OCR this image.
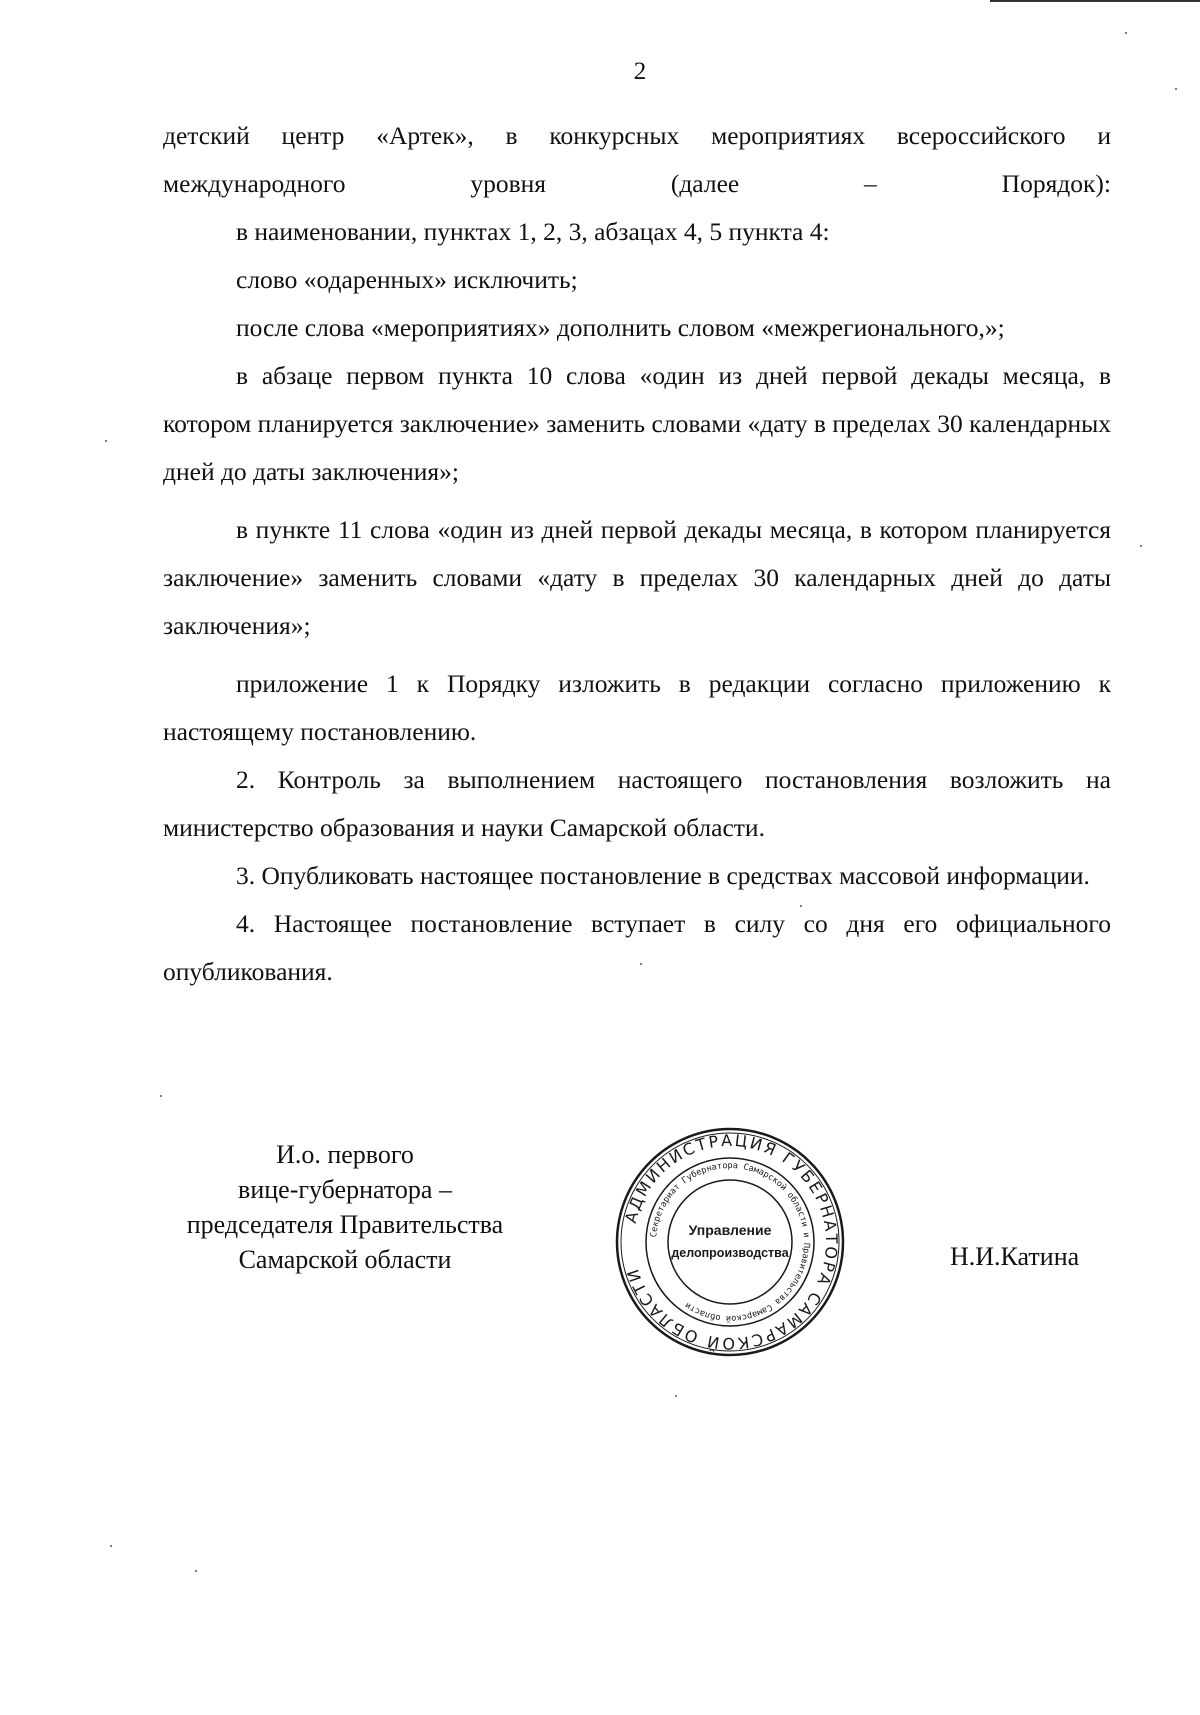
2

детский центр «Артек», в конкурсных мероприятиях всероссийского и международного уровня (далее – Порядок):

в наименовании, пунктах 1, 2, 3, абзацах 4, 5 пункта 4:

слово «одаренных» исключить;

после слова «мероприятиях» дополнить словом «межрегионального,»;

в абзаце первом пункта 10 слова «один из дней первой декады месяца, в котором планируется заключение» заменить словами «дату в пределах 30 календарных дней до даты заключения»;

в пункте 11 слова «один из дней первой декады месяца, в котором планируется заключение» заменить словами «дату в пределах 30 календарных дней до даты заключения»;

приложение 1 к Порядку изложить в редакции согласно приложению к настоящему постановлению.

2. Контроль за выполнением настоящего постановления возложить на министерство образования и науки Самарской области.

3. Опубликовать настоящее постановление в средствах массовой информации.

4. Настоящее постановление вступает в силу со дня его официального опубликования.

И.о. первого
вице-губернатора –
председателя Правительства
Самарской области
АДМИНИСТРАЦИЯ ГУБЕРНАТОРА САМАРСКОЙ ОБЛАСТИ
Секретариат Губернатора Самарской области и Правительства Самарской области
Управление
делопроизводства	Н.И.Катина
